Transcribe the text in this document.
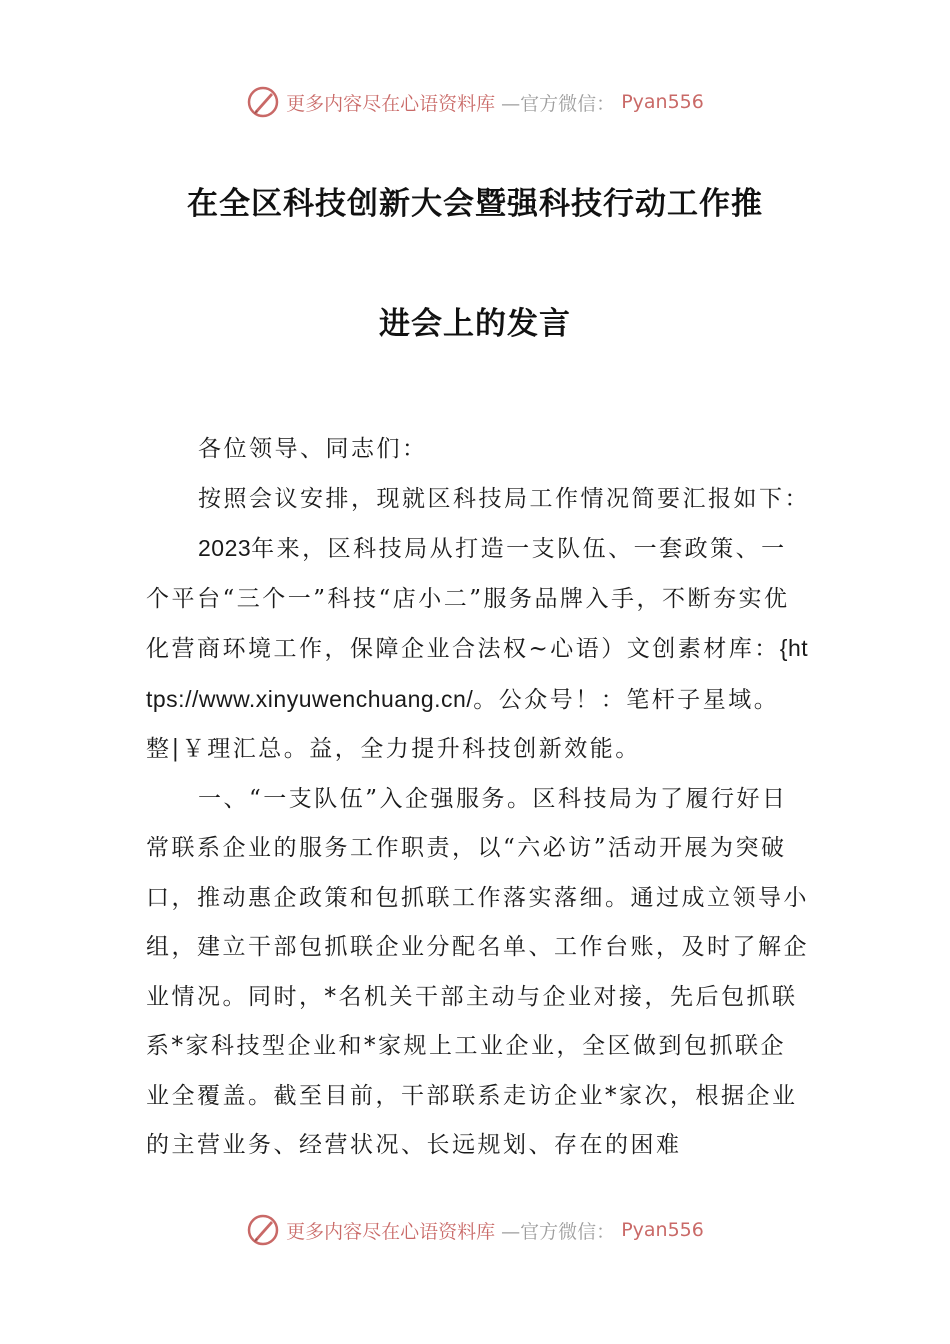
更多内容尽在心语资料库 —官方微信： Pyan556
在全区科技创新大会暨强科技行动工作推
进会上的发言

各位领导、同志们：

按照会议安排，现就区科技局工作情况简要汇报如下：

2023年来，区科技局从打造一支队伍、一套政策、一个平台“三个一”科技“店小二”服务品牌入手，不断夯实优化营商环境工作，保障企业合法权~心语）文创素材库：{https://www.xinyuwenchuang.cn/。公众号！：笔杆子星域。整|￥理汇总。益，全力提升科技创新效能。

一、“一支队伍”入企强服务。区科技局为了履行好日常联系企业的服务工作职责，以“六必访”活动开展为突破口，推动惠企政策和包抓联工作落实落细。通过成立领导小组，建立干部包抓联企业分配名单、工作台账，及时了解企业情况。同时，*名机关干部主动与企业对接，先后包抓联系*家科技型企业和*家规上工业企业，全区做到包抓联企业全覆盖。截至目前，干部联系走访企业*家次，根据企业的主营业务、经营状况、长远规划、存在的困难

更多内容尽在心语资料库 —官方微信： Pyan556
